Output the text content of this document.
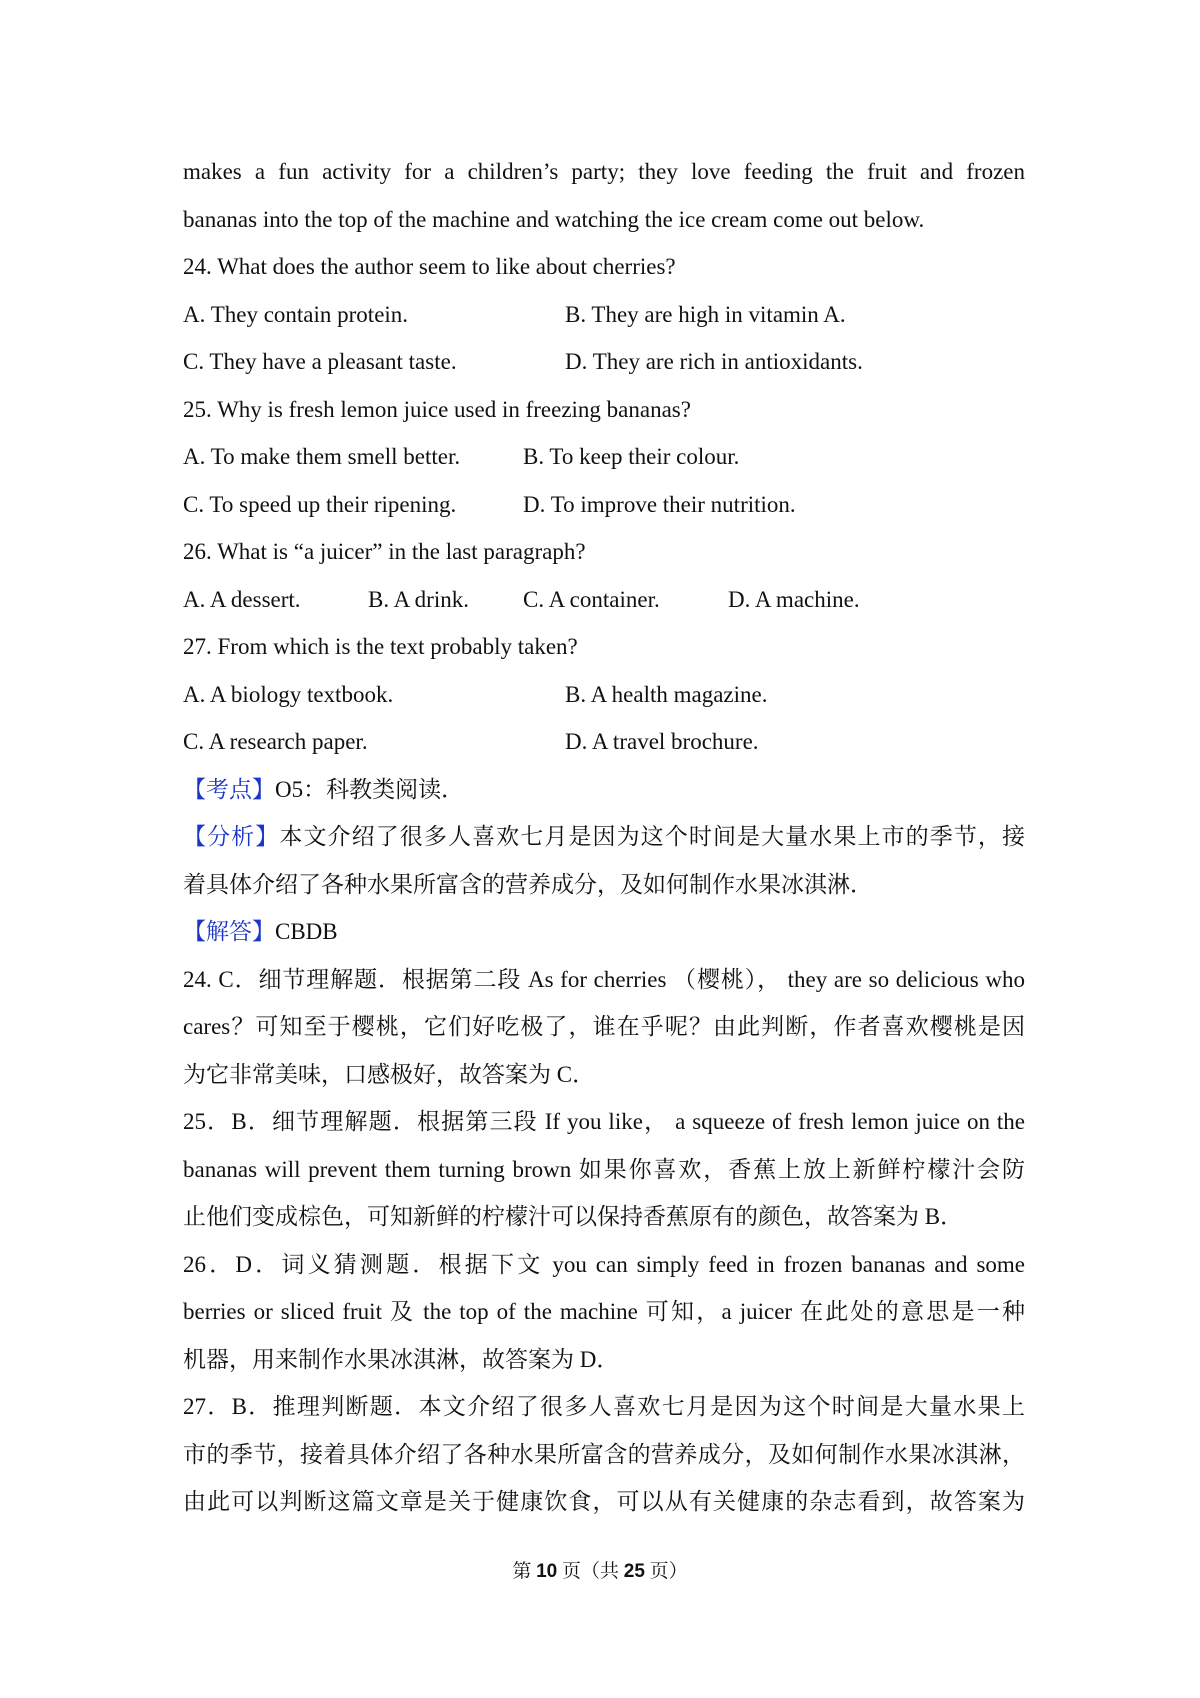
makes a fun activity for a children’s party; they love feeding the fruit and frozen

bananas into the top of the machine and watching the ice cream come out below.

24. What does the author seem to like about cherries?

A. They contain protein.	B. They are high in vitamin A.
C. They have a pleasant taste.	D. They are rich in antioxidants.

25. Why is fresh lemon juice used in freezing bananas?

A. To make them smell better.	B. To keep their colour.
C. To speed up their ripening.	D. To improve their nutrition.

26. What is “a juicer” in the last paragraph?

A. A dessert.	B. A drink.	C. A container.	D. A machine.

27. From which is the text probably taken?

A. A biology textbook.	B. A health magazine.
C. A research paper.	D. A travel brochure.

【考点】O5：科教类阅读．

【分析】本文介绍了很多人喜欢七月是因为这个时间是大量水果上市的季节，接

着具体介绍了各种水果所富含的营养成分，及如何制作水果冰淇淋．

【解答】CBDB

24. C．细节理解题．根据第二段 As for cherries （樱桃）， they are so delicious who

cares？可知至于樱桃，它们好吃极了，谁在乎呢？由此判断，作者喜欢樱桃是因

为它非常美味，口感极好，故答案为 C．

25．B．细节理解题．根据第三段 If you like， a squeeze of fresh lemon juice on the

bananas will prevent them turning brown 如果你喜欢，香蕉上放上新鲜柠檬汁会防

止他们变成棕色，可知新鲜的柠檬汁可以保持香蕉原有的颜色，故答案为 B．

26．D．词义猜测题．根据下文 you can simply feed in frozen bananas and some

berries or sliced fruit 及 the top of the machine 可知，a juicer 在此处的意思是一种

机器，用来制作水果冰淇淋，故答案为 D．

27．B．推理判断题．本文介绍了很多人喜欢七月是因为这个时间是大量水果上

市的季节，接着具体介绍了各种水果所富含的营养成分，及如何制作水果冰淇淋，

由此可以判断这篇文章是关于健康饮食，可以从有关健康的杂志看到，故答案为

第 10 页（共 25 页）
